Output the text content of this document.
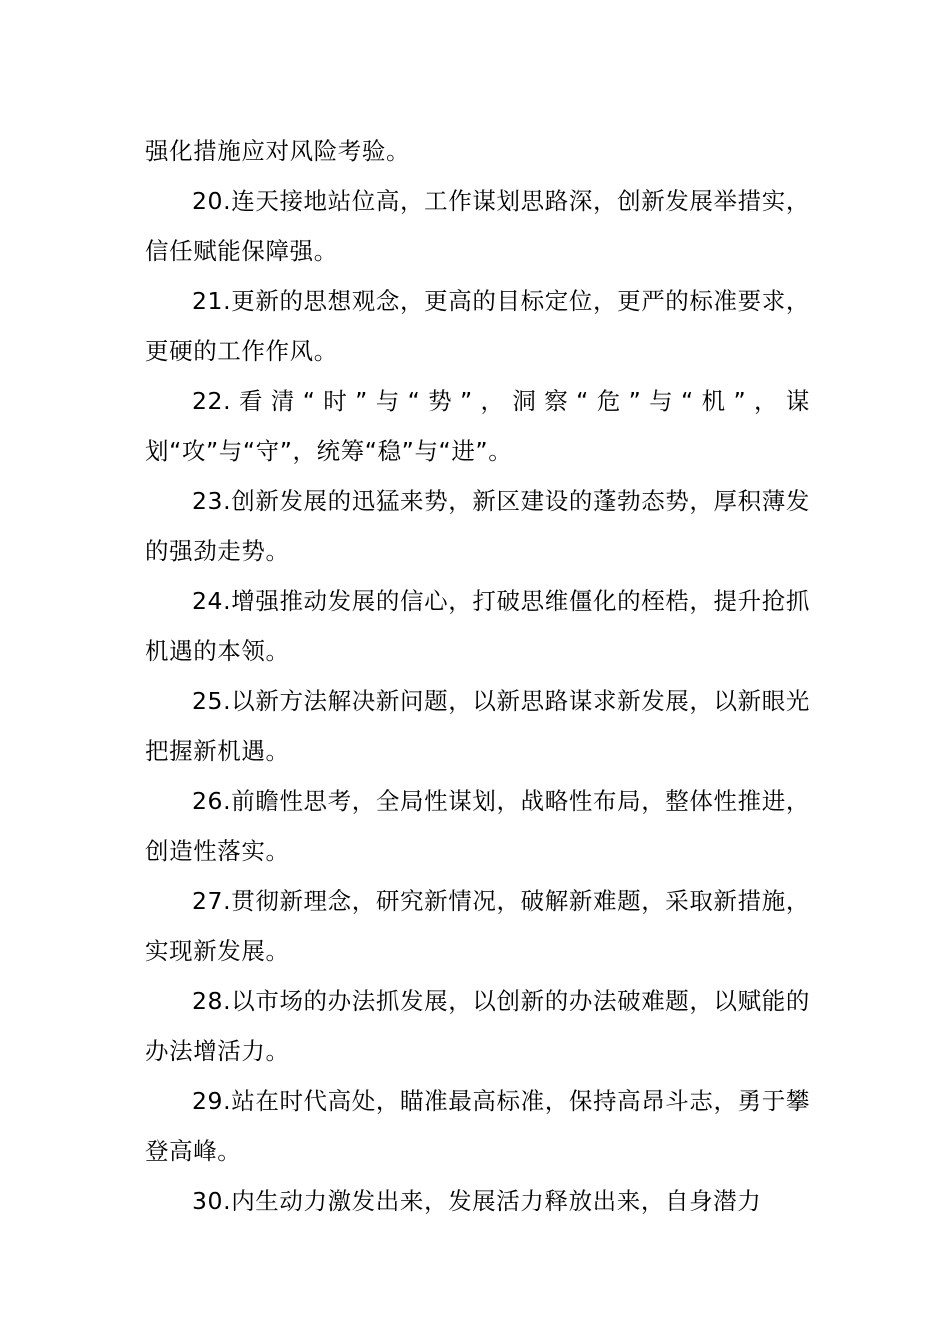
强化措施应对风险考验。

20.连天接地站位高，工作谋划思路深，创新发展举措实，信任赋能保障强。

21.更新的思想观念，更高的目标定位，更严的标准要求，更硬的工作作风。

22.看清“时”与“势”，洞察“危”与“机”，谋划“攻”与“守”，统筹“稳”与“进”。

23.创新发展的迅猛来势，新区建设的蓬勃态势，厚积薄发的强劲走势。

24.增强推动发展的信心，打破思维僵化的桎梏，提升抢抓机遇的本领。

25.以新方法解决新问题，以新思路谋求新发展，以新眼光把握新机遇。

26.前瞻性思考，全局性谋划，战略性布局，整体性推进，创造性落实。

27.贯彻新理念，研究新情况，破解新难题，采取新措施，实现新发展。

28.以市场的办法抓发展，以创新的办法破难题，以赋能的办法增活力。

29.站在时代高处，瞄准最高标准，保持高昂斗志，勇于攀登高峰。

30.内生动力激发出来，发展活力释放出来，自身潜力
